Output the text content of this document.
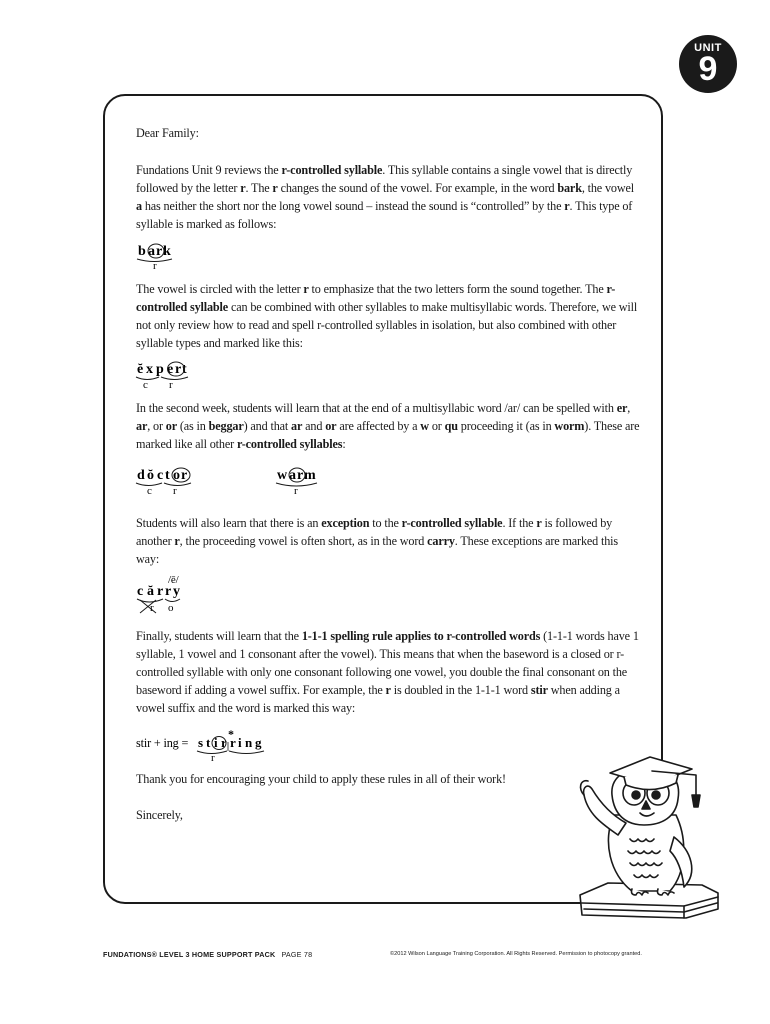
UNIT
9

Dear Family:

Fundations Unit 9 reviews the r-controlled syllable. This syllable contains a single vowel that is directly followed by the letter r. The r changes the sound of the vowel. For example, in the word bark, the vowel a has neither the short nor the long vowel sound – instead the sound is “controlled” by the r. This type of syllable is marked as follows:

b a r k
r

The vowel is circled with the letter r to emphasize that the two letters form the sound together. The r-controlled syllable can be combined with other syllables to make multisyllabic words. Therefore, we will not only review how to read and spell r-controlled syllables in isolation, but also combined with other syllable types and marked like this:

ĕ x p e r t
c r

In the second week, students will learn that at the end of a multisyllabic word /ar/ can be spelled with er, ar, or or (as in beggar) and that ar and or are affected by a w or qu proceeding it (as in worm). These are marked like all other r-controlled syllables:

d ŏ c t o r
c r
w a r m
r

Students will also learn that there is an exception to the r-controlled syllable. If the r is followed by another r, the proceeding vowel is often short, as in the word carry. These exceptions are marked this way:

/ē/
c ă r r y
r o

Finally, students will learn that the 1-1-1 spelling rule applies to r-controlled words (1-1-1 words have 1 syllable, 1 vowel and 1 consonant after the vowel). This means that when the baseword is a closed or r-controlled syllable with only one consonant following one vowel, you double the final consonant on the baseword if adding a vowel suffix. For example, the r is doubled in the 1-1-1 word stir when adding a vowel suffix and the word is marked this way:

stir + ing = s t i r r i n g
*
r

Thank you for encouraging your child to apply these rules in all of their work!

Sincerely,

FUNDATIONS® LEVEL 3 HOME SUPPORT PACK PAGE 78	©2012 Wilson Language Training Corporation. All Rights Reserved. Permission to photocopy granted.
